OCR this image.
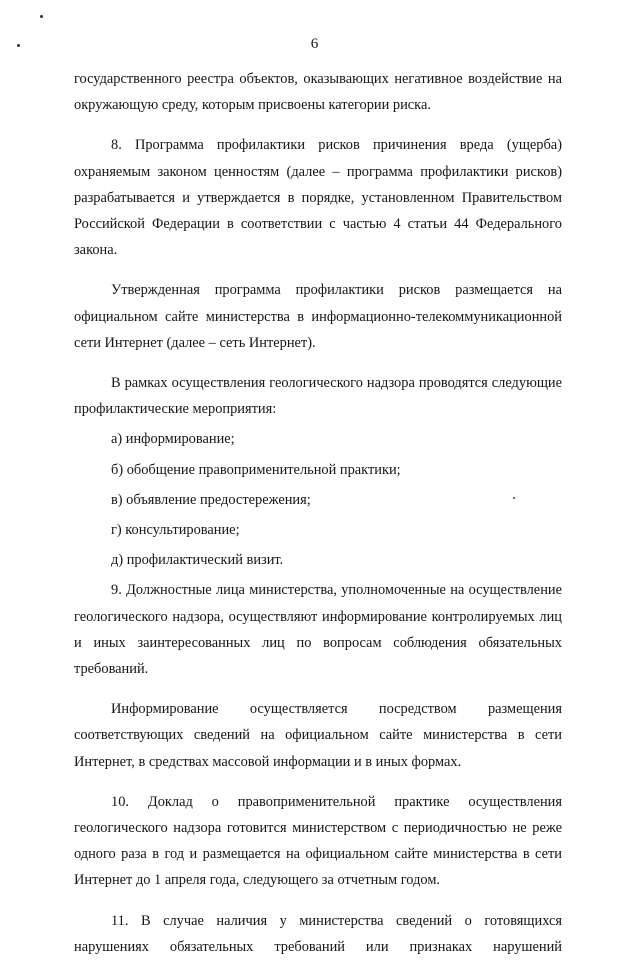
6

государственного реестра объектов, оказывающих негативное воздействие на окружающую среду, которым присвоены категории риска.

8. Программа профилактики рисков причинения вреда (ущерба) охраняемым законом ценностям (далее – программа профилактики рисков) разрабатывается и утверждается в порядке, установленном Правительством Российской Федерации в соответствии с частью 4 статьи 44 Федерального закона.

Утвержденная программа профилактики рисков размещается на официальном сайте министерства в информационно-телекоммуникационной сети Интернет (далее – сеть Интернет).

В рамках осуществления геологического надзора проводятся следующие профилактические мероприятия:

а) информирование;

б) обобщение правоприменительной практики;

в) объявление предостережения;

г) консультирование;

д) профилактический визит.

9. Должностные лица министерства, уполномоченные на осуществление геологического надзора, осуществляют информирование контролируемых лиц и иных заинтересованных лиц по вопросам соблюдения обязательных требований.

Информирование осуществляется посредством размещения соответствующих сведений на официальном сайте министерства в сети Интернет, в средствах массовой информации и в иных формах.

10. Доклад о правоприменительной практике осуществления геологического надзора готовится министерством с периодичностью не реже одного раза в год и размещается на официальном сайте министерства в сети Интернет до 1 апреля года, следующего за отчетным годом.

11. В случае наличия у министерства сведений о готовящихся нарушениях обязательных требований или признаках нарушений
